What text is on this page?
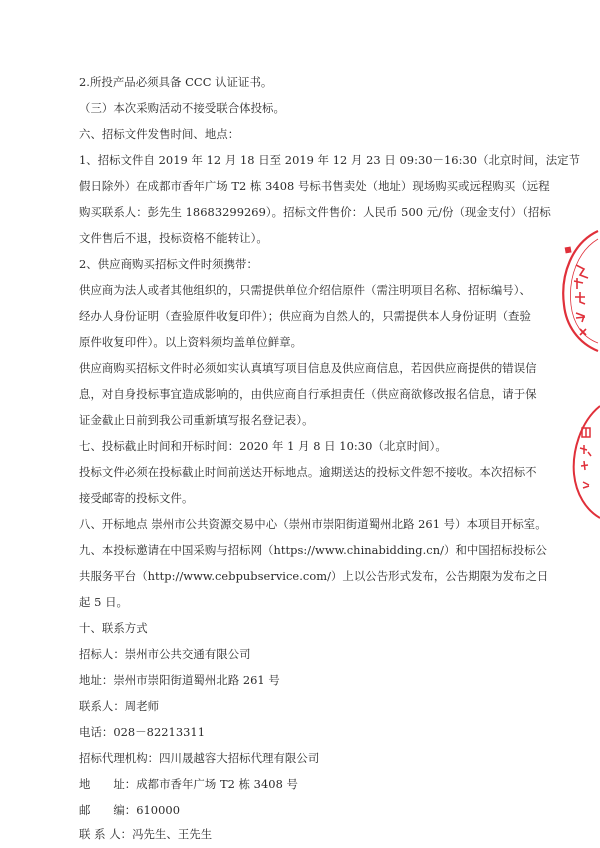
2.所投产品必须具备 CCC 认证证书。
（三）本次采购活动不接受联合体投标。
六、招标文件发售时间、地点：
1、招标文件自 2019 年 12 月 18 日至 2019 年 12 月 23 日 09:30－16:30（北京时间，法定节
假日除外）在成都市香年广场 T2 栋 3408 号标书售卖处（地址）现场购买或远程购买（远程
购买联系人：彭先生 18683299269）。招标文件售价：人民币 500 元/份（现金支付）（招标
文件售后不退，投标资格不能转让）。
2、供应商购买招标文件时须携带：
供应商为法人或者其他组织的，只需提供单位介绍信原件（需注明项目名称、招标编号）、
经办人身份证明（查验原件收复印件）；供应商为自然人的，只需提供本人身份证明（查验
原件收复印件）。以上资料须均盖单位鲜章。
供应商购买招标文件时必须如实认真填写项目信息及供应商信息，若因供应商提供的错误信
息，对自身投标事宜造成影响的，由供应商自行承担责任（供应商欲修改报名信息，请于保
证金截止日前到我公司重新填写报名登记表）。
七、投标截止时间和开标时间：2020 年 1 月 8 日 10:30（北京时间）。
投标文件必须在投标截止时间前送达开标地点。逾期送达的投标文件恕不接收。本次招标不
接受邮寄的投标文件。
八、开标地点 崇州市公共资源交易中心（崇州市崇阳街道蜀州北路 261 号）本项目开标室。
九、本投标邀请在中国采购与招标网（https://www.chinabidding.cn/）和中国招标投标公
共服务平台（http://www.cebpubservice.com/）上以公告形式发布，公告期限为发布之日
起 5 日。
十、联系方式
招标人：崇州市公共交通有限公司
地址：崇州市崇阳街道蜀州北路 261 号
联系人：周老师
电话：028－82213311
招标代理机构：四川晟越容大招标代理有限公司
地　　址：成都市香年广场 T2 栋 3408 号
邮　　编：610000
联 系 人：冯先生、王先生
◆
